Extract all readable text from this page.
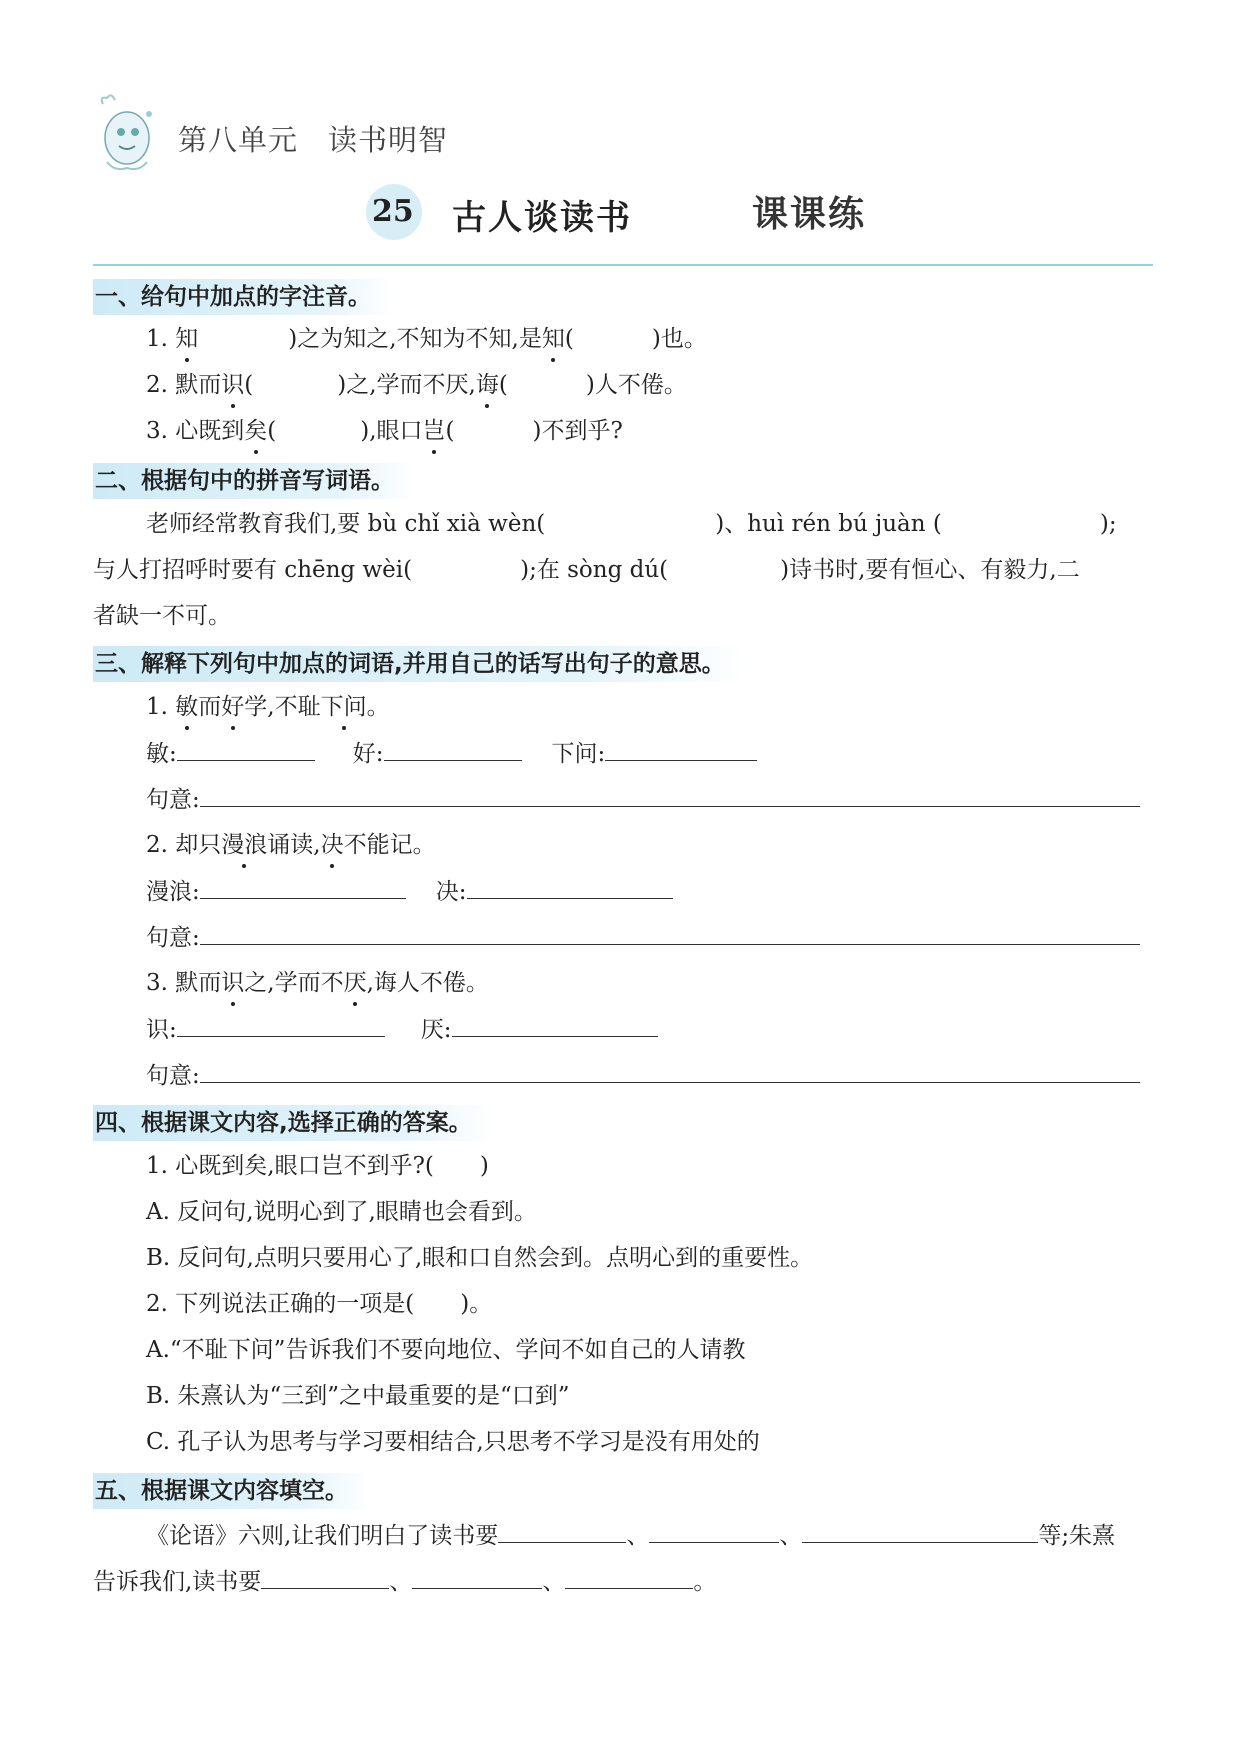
第八单元　读书明智
25 古人谈读书	课课练
一、给句中加点的字注音。
1. 知	)之为知之,不知为不知,是知(	)也。
2. 默而识(	)之,学而不厌,诲(	)人不倦。
3. 心既到矣(	),眼口岂(	)不到乎?
二、根据句中的拼音写词语。
老师经常教育我们,要 bù chǐ xià wèn(	)、huì rén bú juàn (	);
与人打招呼时要有 chēng wèi(	);在 sòng dú(	)诗书时,要有恒心、有毅力,二
者缺一不可。
三、解释下列句中加点的词语,并用自己的话写出句子的意思。
1. 敏而好学,不耻下问。
敏:	好:	下问:
句意:
2. 却只漫浪诵读,决不能记。
漫浪:	决:
句意:
3. 默而识之,学而不厌,诲人不倦。
识:	厌:
句意:
四、根据课文内容,选择正确的答案。
1. 心既到矣,眼口岂不到乎?(　　)
A. 反问句,说明心到了,眼睛也会看到。
B. 反问句,点明只要用心了,眼和口自然会到。点明心到的重要性。
2. 下列说法正确的一项是(　　)。
A.“不耻下问”告诉我们不要向地位、学问不如自己的人请教
B. 朱熹认为“三到”之中最重要的是“口到”
C. 孔子认为思考与学习要相结合,只思考不学习是没有用处的
五、根据课文内容填空。
《论语》六则,让我们明白了读书要	、	、	等;朱熹
告诉我们,读书要	、	、	。
